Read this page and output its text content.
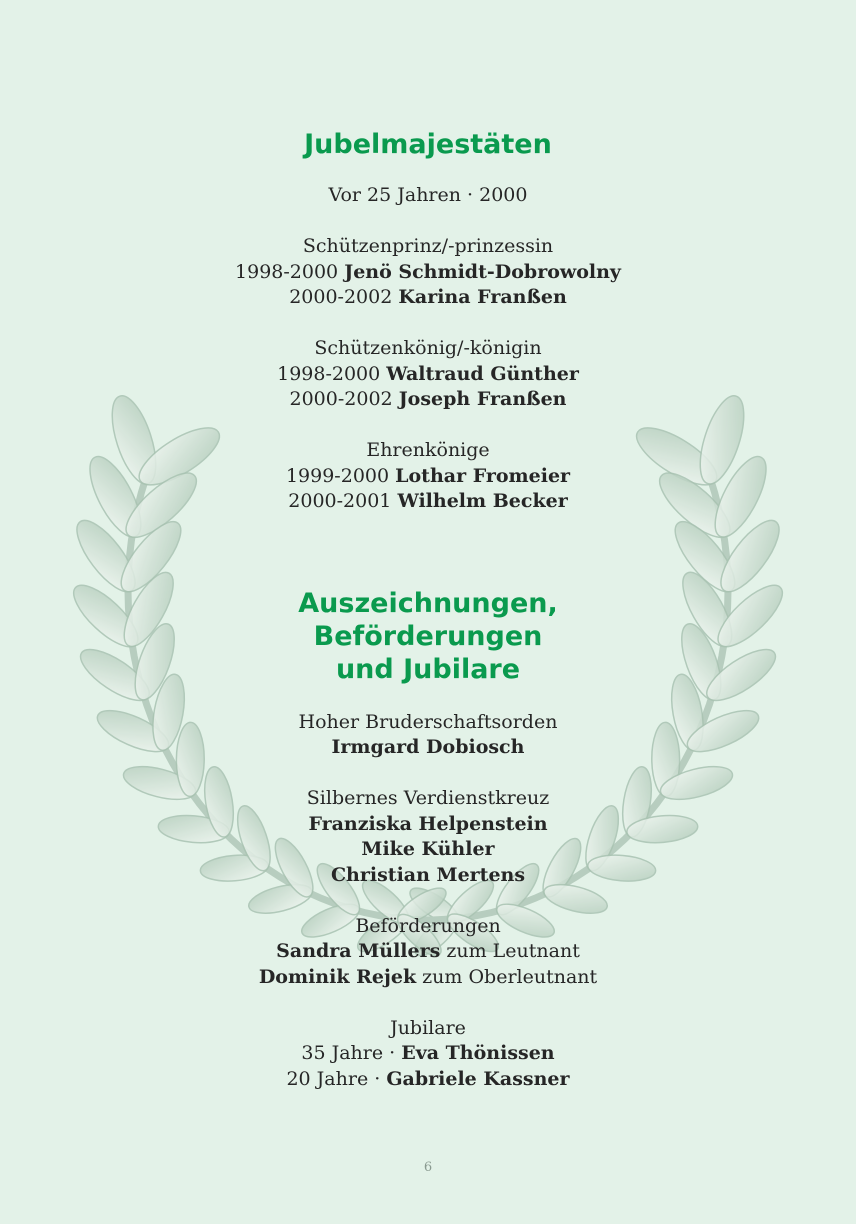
Jubelmajestäten

Vor 25 Jahren · 2000

Schützenprinz/-prinzessin

1998-2000 Jenö Schmidt-Dobrowolny

2000-2002 Karina Franßen

Schützenkönig/-königin

1998-2000 Waltraud Günther

2000-2002 Joseph Franßen

Ehrenkönige

1999-2000 Lothar Fromeier

2000-2001 Wilhelm Becker

Auszeichnungen,
Beförderungen
und Jubilare

Hoher Bruderschaftsorden

Irmgard Dobiosch

Silbernes Verdienstkreuz

Franziska Helpenstein

Mike Kühler

Christian Mertens

Beförderungen

Sandra Müllers zum Leutnant

Dominik Rejek zum Oberleutnant

Jubilare

35 Jahre · Eva Thönissen

20 Jahre · Gabriele Kassner

6
